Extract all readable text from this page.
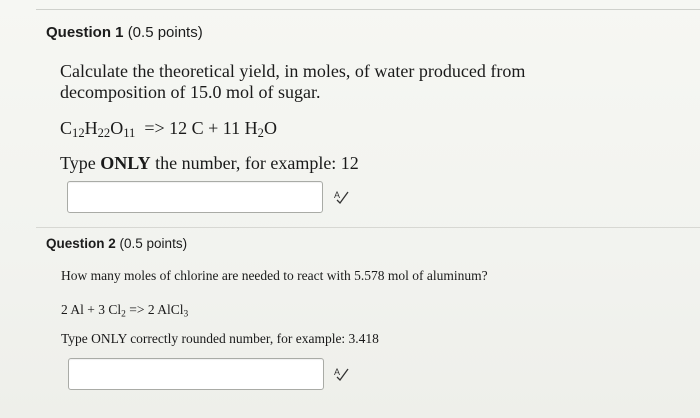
Question 1 (0.5 points)
Calculate the theoretical yield, in moles, of water produced from decomposition of 15.0 mol of sugar.
$C_{12}H_{22}O_{11} => 12$ C + 11 $H_2O$
Type ONLY the number, for example: 12
A
Question 2 (0.5 points)
How many moles of chlorine are needed to react with 5.578 mol of aluminum?
2 Al + 3 $Cl_2 => 2$ AlCl$_3$
Type ONLY correctly rounded number, for example: 3.418
A
